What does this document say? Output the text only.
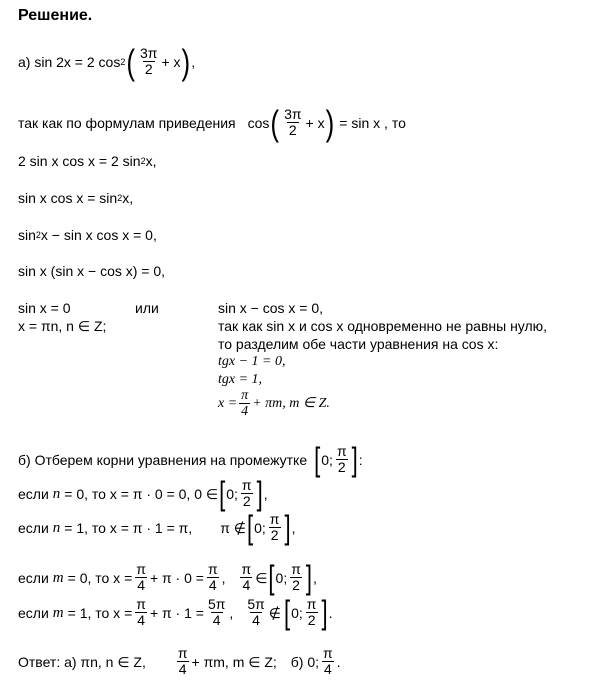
Решение.
а) sin 2x = 2 cos 2 ( $\frac{3\pi}{2} + x$ ) ,
так как по формулам приведения cos ( $\frac{3\pi}{2} + x$ ) = sin x , то
2 sin x cos x = 2 sin 2 x,
sin x cos x = sin 2 x,
sin 2 x − sin x cos x = 0,
sin x (sin x − cos x) = 0,
sin x = 0	или	sin x − cos x = 0,
x = πn, n ∈ Z;	так как sin x и cos x одновременно не равны нулю,
то разделим обе части уравнения на cos x:
tgx − 1 = 0,
tgx = 1,
$x = \frac{\pi}{4} + \pi m$, m ∈ Z.
б) Отберем корни уравнения на промежутке [ 0; $\frac{\pi}{2}$ ] :
если n = 0, то x = π · 0 = 0, 0 ∈ [ 0; $\frac{\pi}{2}$ ] ,
если n = 1, то x = π · 1 = π, π ∉ [ 0; $\frac{\pi}{2}$ ] ,
если m = 0, то $x = \frac{\pi}{4} + \pi \cdot 0 = \frac{\pi}{4}$ , $\frac{\pi}{4}$ ∈ [ 0; $\frac{\pi}{2}$ ] ,
если m = 1, то $x = \frac{\pi}{4} + \pi \cdot 1 = \frac{5\pi}{4}$ , $\frac{5\pi}{4}$ ∉ [ 0; $\frac{\pi}{2}$ ] .
Ответ: а) πn, n ∈ Z, $\frac{\pi}{4} + \pi m$, m ∈ Z; б) 0; $\frac{\pi}{4}$ .
